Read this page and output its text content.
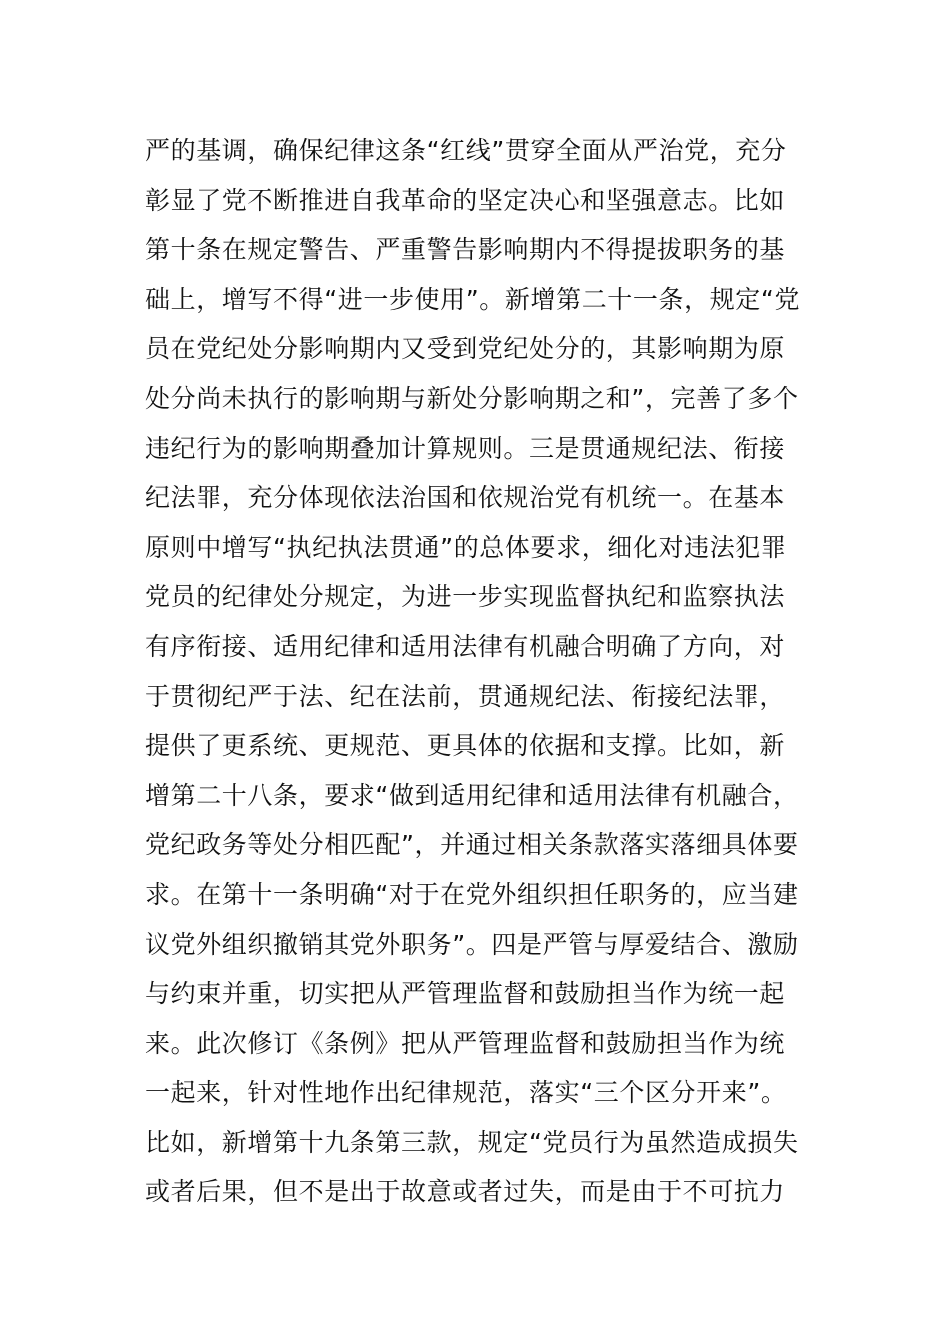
严的基调，确保纪律这条“红线”贯穿全面从严治党，充分
彰显了党不断推进自我革命的坚定决心和坚强意志。比如
第十条在规定警告、严重警告影响期内不得提拔职务的基
础上，增写不得“进一步使用”。新增第二十一条，规定“党
员在党纪处分影响期内又受到党纪处分的，其影响期为原
处分尚未执行的影响期与新处分影响期之和”，完善了多个
违纪行为的影响期叠加计算规则。三是贯通规纪法、衔接
纪法罪，充分体现依法治国和依规治党有机统一。在基本
原则中增写“执纪执法贯通”的总体要求，细化对违法犯罪
党员的纪律处分规定，为进一步实现监督执纪和监察执法
有序衔接、适用纪律和适用法律有机融合明确了方向，对
于贯彻纪严于法、纪在法前，贯通规纪法、衔接纪法罪，
提供了更系统、更规范、更具体的依据和支撑。比如，新
增第二十八条，要求“做到适用纪律和适用法律有机融合，
党纪政务等处分相匹配”，并通过相关条款落实落细具体要
求。在第十一条明确“对于在党外组织担任职务的，应当建
议党外组织撤销其党外职务”。四是严管与厚爱结合、激励
与约束并重，切实把从严管理监督和鼓励担当作为统一起
来。此次修订《条例》把从严管理监督和鼓励担当作为统
一起来，针对性地作出纪律规范，落实“三个区分开来”。
比如，新增第十九条第三款，规定“党员行为虽然造成损失
或者后果，但不是出于故意或者过失，而是由于不可抗力
